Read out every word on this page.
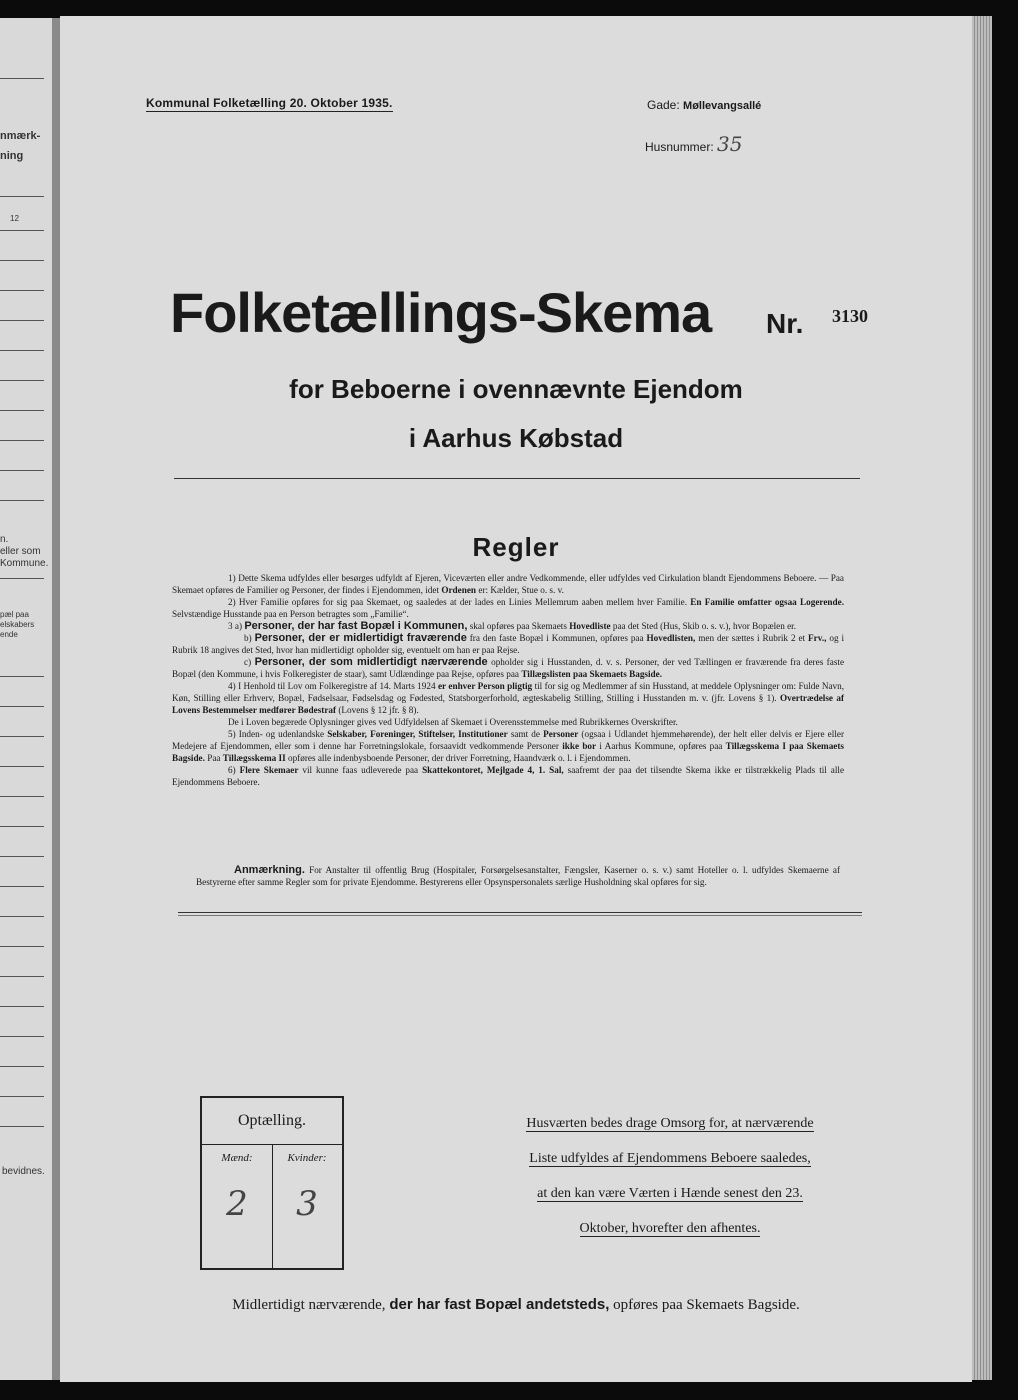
nmærk-
ning
12
n.
eller som
Kommune.
pæl paa
elskabers
ende
bevidnes.
Kommunal Folketælling 20. Oktober 1935.	Gade: Møllevangsallé
Husnummer: 35
Folketællings-Skema Nr. 3130
for Beboerne i ovennævnte Ejendom
i Aarhus Købstad
Regler

1) Dette Skema udfyldes eller besørges udfyldt af Ejeren, Viceværten eller andre Vedkommende, eller udfyldes ved Cirkulation blandt Ejendommens Beboere. — Paa Skemaet opføres de Familier og Personer, der findes i Ejendommen, idet Ordenen er: Kælder, Stue o. s. v.

2) Hver Familie opføres for sig paa Skemaet, og saaledes at der lades en Linies Mellemrum aaben mellem hver Familie. En Familie omfatter ogsaa Logerende. Selvstændige Husstande paa en Person betragtes som „Familie“.

3 a) Personer, der har fast Bopæl i Kommunen, skal opføres paa Skemaets Hovedliste paa det Sted (Hus, Skib o. s. v.), hvor Bopælen er.

b) Personer, der er midlertidigt fraværende fra den faste Bopæl i Kommunen, opføres paa Hovedlisten, men der sættes i Rubrik 2 et Frv., og i Rubrik 18 angives det Sted, hvor han midlertidigt opholder sig, eventuelt om han er paa Rejse.

c) Personer, der som midlertidigt nærværende opholder sig i Husstanden, d. v. s. Personer, der ved Tællingen er fraværende fra deres faste Bopæl (den Kommune, i hvis Folkeregister de staar), samt Udlændinge paa Rejse, opføres paa Tillægslisten paa Skemaets Bagside.

4) I Henhold til Lov om Folkeregistre af 14. Marts 1924 er enhver Person pligtig til for sig og Medlemmer af sin Husstand, at meddele Oplysninger om: Fulde Navn, Køn, Stilling eller Erhverv, Bopæl, Fødselsaar, Fødselsdag og Fødested, Statsborgerforhold, ægteskabelig Stilling, Stilling i Husstanden m. v. (jfr. Lovens § 1). Overtrædelse af Lovens Bestemmelser medfører Bødestraf (Lovens § 12 jfr. § 8).

De i Loven begærede Oplysninger gives ved Udfyldelsen af Skemaet i Overensstemmelse med Rubrikkernes Overskrifter.

5) Inden- og udenlandske Selskaber, Foreninger, Stiftelser, Institutioner samt de Personer (ogsaa i Udlandet hjemmehørende), der helt eller delvis er Ejere eller Medejere af Ejendommen, eller som i denne har Forretningslokale, forsaavidt vedkommende Personer ikke bor i Aarhus Kommune, opføres paa Tillægsskema I paa Skemaets Bagside. Paa Tillægsskema II opføres alle indenbysboende Personer, der driver Forretning, Haandværk o. l. i Ejendommen.

6) Flere Skemaer vil kunne faas udleverede paa Skattekontoret, Mejlgade 4, 1. Sal, saafremt der paa det tilsendte Skema ikke er tilstrækkelig Plads til alle Ejendommens Beboere.

Anmærkning. For Anstalter til offentlig Brug (Hospitaler, Forsørgelsesanstalter, Fængsler, Kaserner o. s. v.) samt Hoteller o. l. udfyldes Skemaerne af Bestyrerne efter samme Regler som for private Ejendomme. Bestyrerens eller Opsynspersonalets særlige Husholdning skal opføres for sig.

Optælling.
Mænd:	Kvinder:
2	3
Husværten bedes drage Omsorg for, at nærværende
Liste udfyldes af Ejendommens Beboere saaledes,
at den kan være Værten i Hænde senest den 23.
Oktober, hvorefter den afhentes.
Midlertidigt nærværende, der har fast Bopæl andetsteds, opføres paa Skemaets Bagside.
